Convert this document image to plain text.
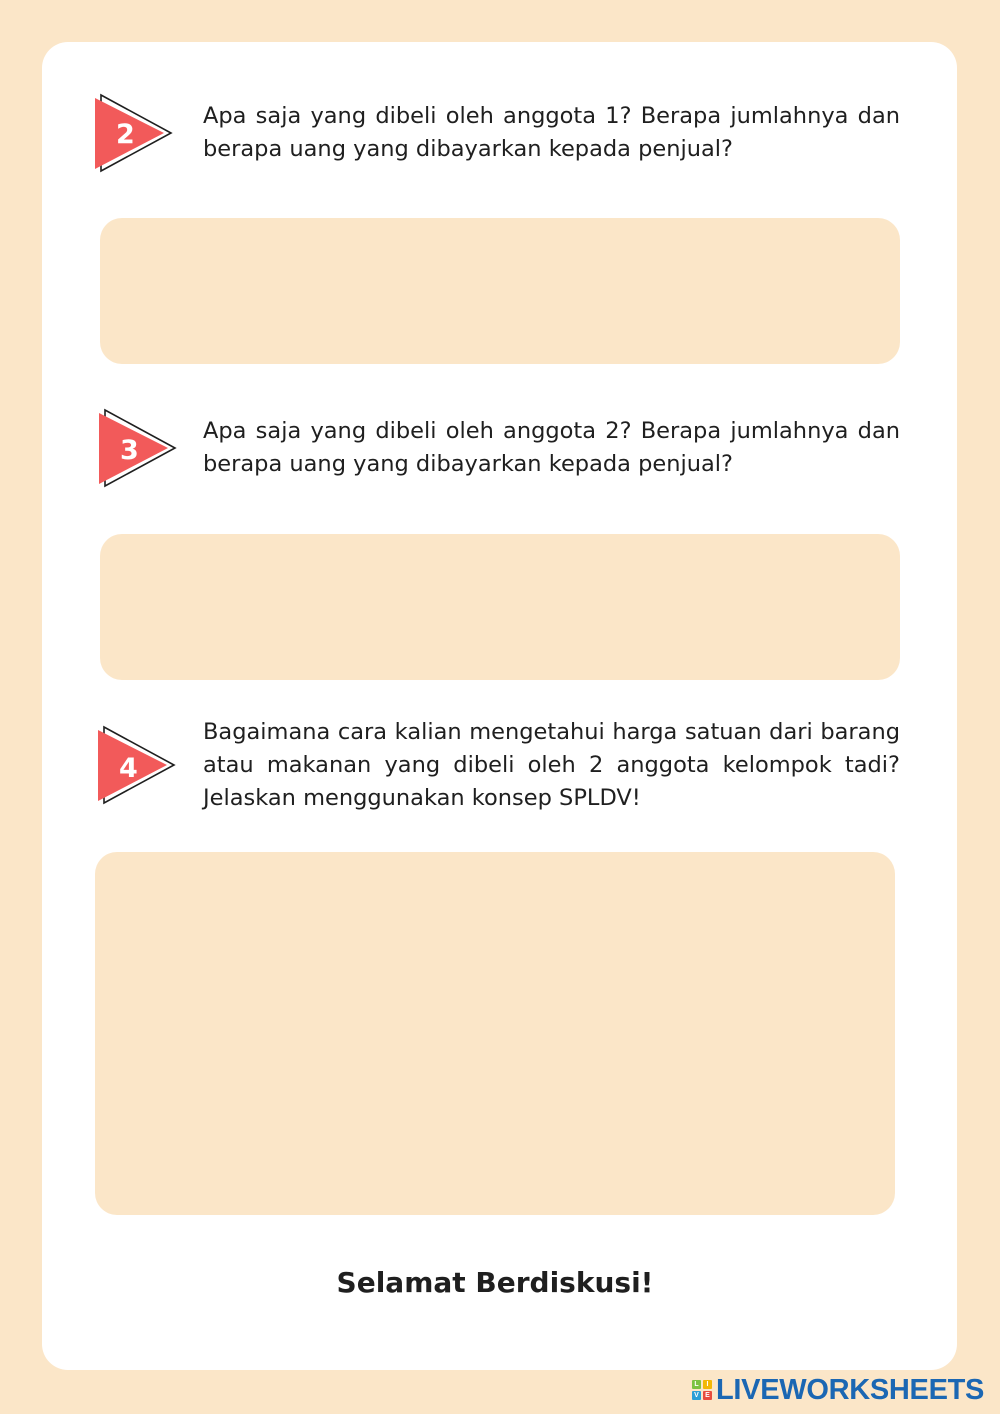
2
Apa saja yang dibeli oleh anggota 1? Berapa jumlahnya dan berapa uang yang dibayarkan kepada penjual?
3
Apa saja yang dibeli oleh anggota 2? Berapa jumlahnya dan berapa uang yang dibayarkan kepada penjual?
4
Bagaimana cara kalian mengetahui harga satuan dari barang atau makanan yang dibeli oleh 2 anggota kelompok tadi? Jelaskan menggunakan konsep SPLDV!
Selamat Berdiskusi!
L	I
V E LIVEWORKSHEETS
